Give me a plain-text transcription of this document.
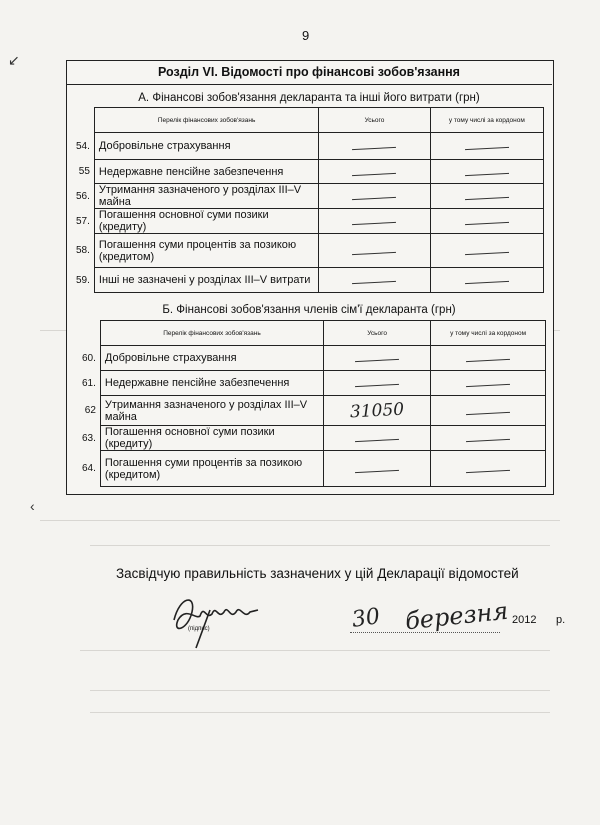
↙
‹
9
Розділ VI. Відомості про фінансові зобов'язання
А. Фінансові зобов'язання декларанта та інші його витрати (грн)
	Перелік фінансових зобов'язань	Усього	у тому числі за кордоном
54.	Добровільне страхування		
55	Недержавне пенсійне забезпечення		
56.	Утримання зазначеного у розділах III–V майна		
57.	Погашення основної суми позики (кредиту)		
58.	Погашення суми процентів за позикою (кредитом)		
59.	Інші не зазначені у розділах III–V витрати		
Б. Фінансові зобов'язання членів сім'ї декларанта (грн)
	Перелік фінансових зобов'язань	Усього	у тому числі за кордоном
60.	Добровільне страхування		
61.	Недержавне пенсійне забезпечення		
62	Утримання зазначеного у розділах III–V майна	31050	
63.	Погашення основної суми позики (кредиту)		
64.	Погашення суми процентів за позикою (кредитом)		
Засвідчую правильність зазначених у цій Декларації відомостей
(підпис)	30 березня 2012 р.
